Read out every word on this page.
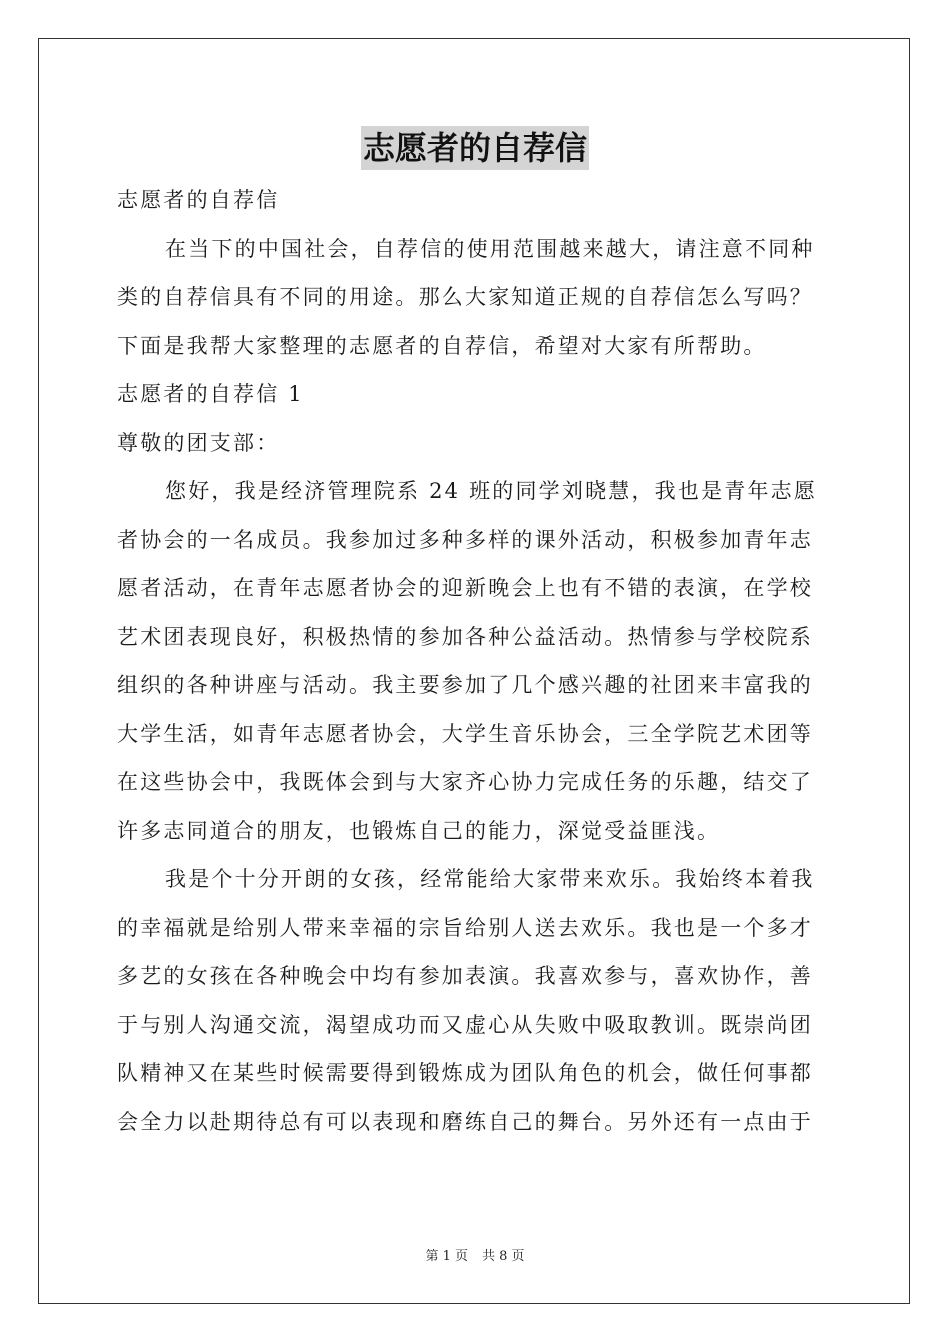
志愿者的自荐信
志愿者的自荐信
在当下的中国社会，自荐信的使用范围越来越大，请注意不同种
类的自荐信具有不同的用途。那么大家知道正规的自荐信怎么写吗？
下面是我帮大家整理的志愿者的自荐信，希望对大家有所帮助。
志愿者的自荐信 1
尊敬的团支部：
您好，我是经济管理院系 24 班的同学刘晓慧，我也是青年志愿
者协会的一名成员。我参加过多种多样的课外活动，积极参加青年志
愿者活动，在青年志愿者协会的迎新晚会上也有不错的表演，在学校
艺术团表现良好，积极热情的参加各种公益活动。热情参与学校院系
组织的各种讲座与活动。我主要参加了几个感兴趣的社团来丰富我的
大学生活，如青年志愿者协会，大学生音乐协会，三全学院艺术团等
在这些协会中，我既体会到与大家齐心协力完成任务的乐趣，结交了
许多志同道合的朋友，也锻炼自己的能力，深觉受益匪浅。
我是个十分开朗的女孩，经常能给大家带来欢乐。我始终本着我
的幸福就是给别人带来幸福的宗旨给别人送去欢乐。我也是一个多才
多艺的女孩在各种晚会中均有参加表演。我喜欢参与，喜欢协作，善
于与别人沟通交流，渴望成功而又虚心从失败中吸取教训。既崇尚团
队精神又在某些时候需要得到锻炼成为团队角色的机会，做任何事都
会全力以赴期待总有可以表现和磨练自己的舞台。另外还有一点由于
第 1 页 共 8 页
